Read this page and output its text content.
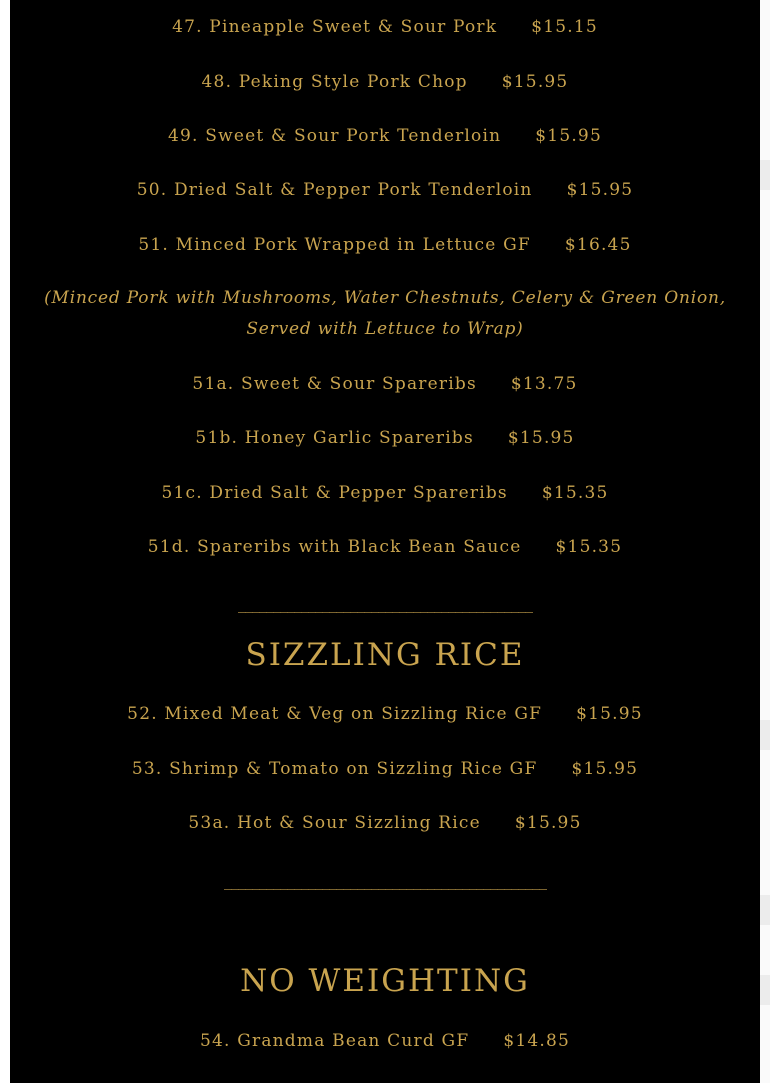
47. Pineapple Sweet & Sour Pork $15.15
48. Peking Style Pork Chop $15.95
49. Sweet & Sour Pork Tenderloin $15.95
50. Dried Salt & Pepper Pork Tenderloin $15.95
51. Minced Pork Wrapped in Lettuce GF $16.45
(Minced Pork with Mushrooms, Water Chestnuts, Celery & Green Onion, Served with Lettuce to Wrap)
51a. Sweet & Sour Spareribs $13.75
51b. Honey Garlic Spareribs $15.95
51c. Dried Salt & Pepper Spareribs $15.35
51d. Spareribs with Black Bean Sauce $15.35
__________________________________________
SIZZLING RICE
52. Mixed Meat & Veg on Sizzling Rice GF $15.95
53. Shrimp & Tomato on Sizzling Rice GF $15.95
53a. Hot & Sour Sizzling Rice $15.95
______________________________________________
NO WEIGHTING
54. Grandma Bean Curd GF $14.85
